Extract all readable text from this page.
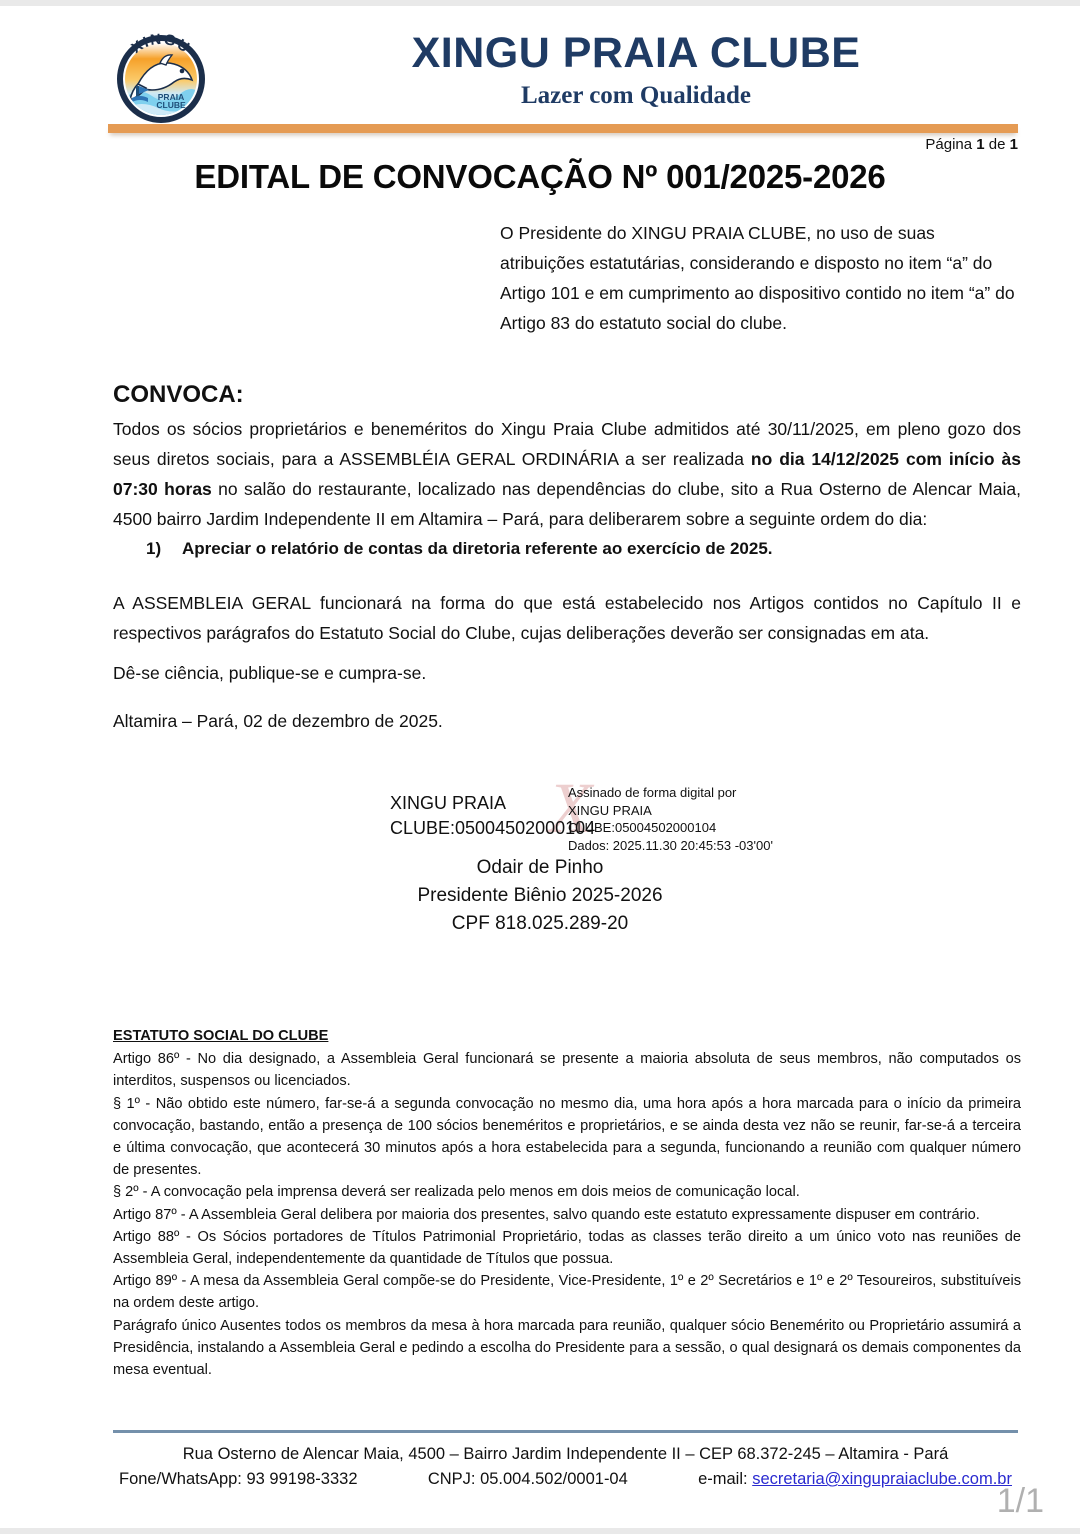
XINGU
PRAIA
CLUBE
XINGU PRAIA CLUBE
Lazer com Qualidade
Página 1 de 1
EDITAL DE CONVOCAÇÃO Nº 001/2025-2026
O Presidente do XINGU PRAIA CLUBE, no uso de suas atribuições estatutárias, considerando e disposto no item “a” do Artigo 101 e em cumprimento ao dispositivo contido no item “a” do Artigo 83 do estatuto social do clube.
CONVOCA:
Todos os sócios proprietários e beneméritos do Xingu Praia Clube admitidos até 30/11/2025, em pleno gozo dos seus diretos sociais, para a ASSEMBLÉIA GERAL ORDINÁRIA a ser realizada no dia 14/12/2025 com início às 07:30 horas no salão do restaurante, localizado nas dependências do clube, sito a Rua Osterno de Alencar Maia, 4500 bairro Jardim Independente II em Altamira – Pará, para deliberarem sobre a seguinte ordem do dia:
1) Apreciar o relatório de contas da diretoria referente ao exercício de 2025.
A ASSEMBLEIA GERAL funcionará na forma do que está estabelecido nos Artigos contidos no Capítulo II e respectivos parágrafos do Estatuto Social do Clube, cujas deliberações deverão ser consignadas em ata.
Dê-se ciência, publique-se e cumpra-se.
Altamira – Pará, 02 de dezembro de 2025.
X
XINGU PRAIA
CLUBE:05004502000104
Assinado de forma digital por
XINGU PRAIA
CLUBE:05004502000104
Dados: 2025.11.30 20:45:53 -03'00'
Odair de Pinho
Presidente Biênio 2025-2026
CPF 818.025.289-20
ESTATUTO SOCIAL DO CLUBE

Artigo 86º - No dia designado, a Assembleia Geral funcionará se presente a maioria absoluta de seus membros, não computados os interditos, suspensos ou licenciados.

§ 1º - Não obtido este número, far-se-á a segunda convocação no mesmo dia, uma hora após a hora marcada para o início da primeira convocação, bastando, então a presença de 100 sócios beneméritos e proprietários, e se ainda desta vez não se reunir, far-se-á a terceira e última convocação, que acontecerá 30 minutos após a hora estabelecida para a segunda, funcionando a reunião com qualquer número de presentes.

§ 2º - A convocação pela imprensa deverá ser realizada pelo menos em dois meios de comunicação local.

Artigo 87º - A Assembleia Geral delibera por maioria dos presentes, salvo quando este estatuto expressamente dispuser em contrário.

Artigo 88º - Os Sócios portadores de Títulos Patrimonial Proprietário, todas as classes terão direito a um único voto nas reuniões de Assembleia Geral, independentemente da quantidade de Títulos que possua.

Artigo 89º - A mesa da Assembleia Geral compõe-se do Presidente, Vice-Presidente, 1º e 2º Secretários e 1º e 2º Tesoureiros, substituíveis na ordem deste artigo.

Parágrafo único Ausentes todos os membros da mesa à hora marcada para reunião, qualquer sócio Benemérito ou Proprietário assumirá a Presidência, instalando a Assembleia Geral e pedindo a escolha do Presidente para a sessão, o qual designará os demais componentes da mesa eventual.

Rua Osterno de Alencar Maia, 4500 – Bairro Jardim Independente II – CEP 68.372-245 – Altamira - Pará
Fone/WhatsApp: 93 99198-3332	CNPJ: 05.004.502/0001-04	e-mail: secretaria@xingupraiaclube.com.br
1/1
